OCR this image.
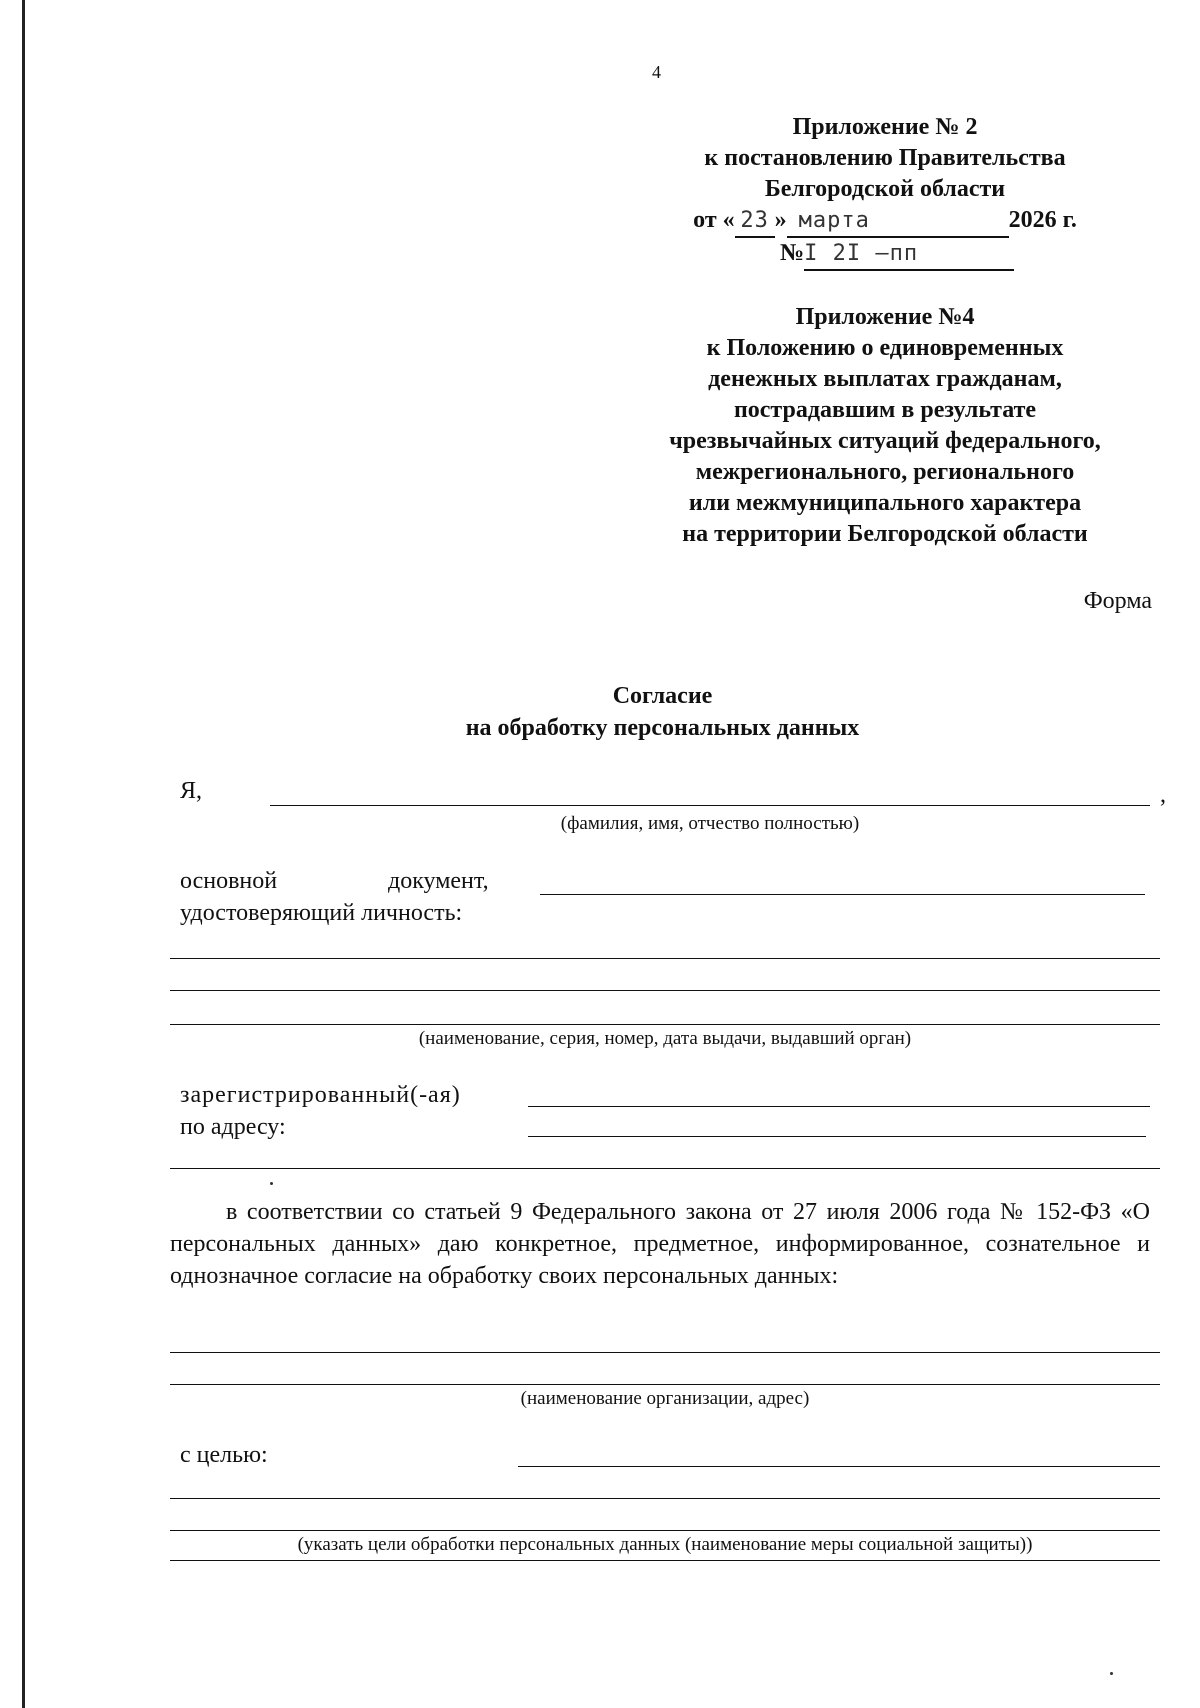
4
Приложение № 2
к постановлению Правительства
Белгородской области
от « 23 » марта	2026 г.
№I 2I –пп
Приложение №4
к Положению о единовременных
денежных выплатах гражданам,
пострадавшим в результате
чрезвычайных ситуаций федерального,
межрегионального, регионального
или межмуниципального характера
на территории Белгородской области
Форма
Согласие
на обработку персональных данных
Я,	,
(фамилия, имя, отчество полностью)
основной	документ,
удостоверяющий личность:
(наименование, серия, номер, дата выдачи, выдавший орган)
зарегистрированный(-ая)
по адресу:
в соответствии со статьей 9 Федерального закона от 27 июля 2006 года № 152-ФЗ «О персональных данных» даю конкретное, предметное, информированное, сознательное и однозначное согласие на обработку своих персональных данных:
(наименование организации, адрес)
с целью:
(указать цели обработки персональных данных (наименование меры социальной защиты))
